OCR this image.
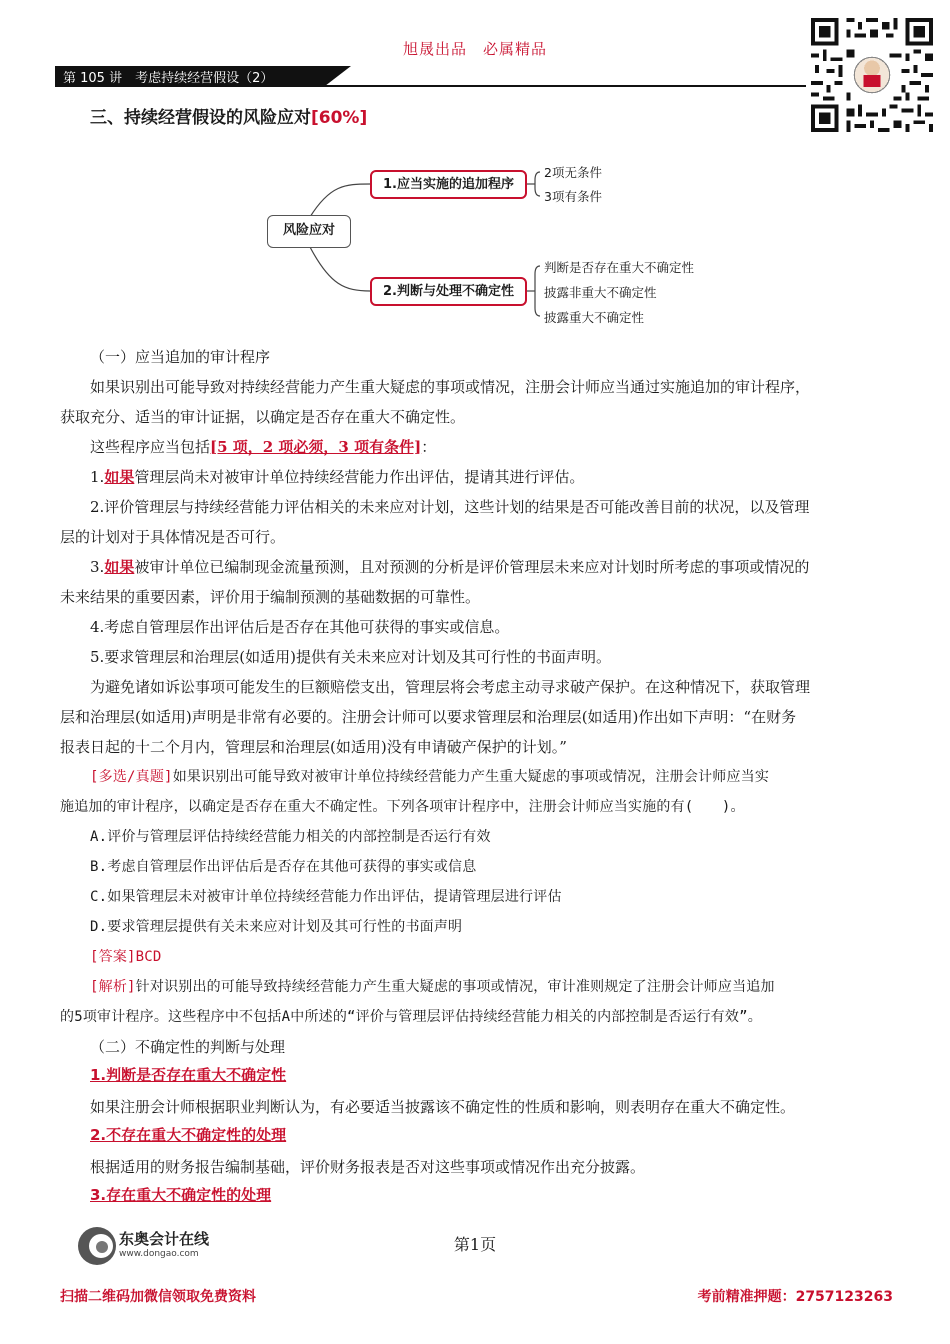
旭晟出品　必属精品
第 105 讲　考虑持续经营假设（2）
三、持续经营假设的风险应对[60%]
风险应对
1.应当实施的追加程序
2.判断与处理不确定性
2项无条件
3项有条件
判断是否存在重大不确定性
披露非重大不确定性
披露重大不确定性
（一）应当追加的审计程序
如果识别出可能导致对持续经营能力产生重大疑虑的事项或情况，注册会计师应当通过实施追加的审计程序，
获取充分、适当的审计证据，以确定是否存在重大不确定性。
这些程序应当包括[5 项，2 项必须，3 项有条件]：
1.如果管理层尚未对被审计单位持续经营能力作出评估，提请其进行评估。
2.评价管理层与持续经营能力评估相关的未来应对计划，这些计划的结果是否可能改善目前的状况，以及管理
层的计划对于具体情况是否可行。
3.如果被审计单位已编制现金流量预测，且对预测的分析是评价管理层未来应对计划时所考虑的事项或情况的
未来结果的重要因素，评价用于编制预测的基础数据的可靠性。
4.考虑自管理层作出评估后是否存在其他可获得的事实或信息。
5.要求管理层和治理层(如适用)提供有关未来应对计划及其可行性的书面声明。
为避免诸如诉讼事项可能发生的巨额赔偿支出，管理层将会考虑主动寻求破产保护。在这种情况下，获取管理
层和治理层(如适用)声明是非常有必要的。注册会计师可以要求管理层和治理层(如适用)作出如下声明：“在财务
报表日起的十二个月内，管理层和治理层(如适用)没有申请破产保护的计划。”
[多选/真题]如果识别出可能导致对被审计单位持续经营能力产生重大疑虑的事项或情况，注册会计师应当实
施追加的审计程序，以确定是否存在重大不确定性。下列各项审计程序中，注册会计师应当实施的有(　　)。
A.评价与管理层评估持续经营能力相关的内部控制是否运行有效
B.考虑自管理层作出评估后是否存在其他可获得的事实或信息
C.如果管理层未对被审计单位持续经营能力作出评估，提请管理层进行评估
D.要求管理层提供有关未来应对计划及其可行性的书面声明
[答案]BCD
[解析]针对识别出的可能导致持续经营能力产生重大疑虑的事项或情况，审计准则规定了注册会计师应当追加
的5项审计程序。这些程序中不包括A中所述的“评价与管理层评估持续经营能力相关的内部控制是否运行有效”。
（二）不确定性的判断与处理
1.判断是否存在重大不确定性
如果注册会计师根据职业判断认为，有必要适当披露该不确定性的性质和影响，则表明存在重大不确定性。
2.不存在重大不确定性的处理
根据适用的财务报告编制基础，评价财务报表是否对这些事项或情况作出充分披露。
3.存在重大不确定性的处理
东奥会计在线
www.dongao.com	第1页
扫描二维码加微信领取免费资料	考前精准押题：2757123263
